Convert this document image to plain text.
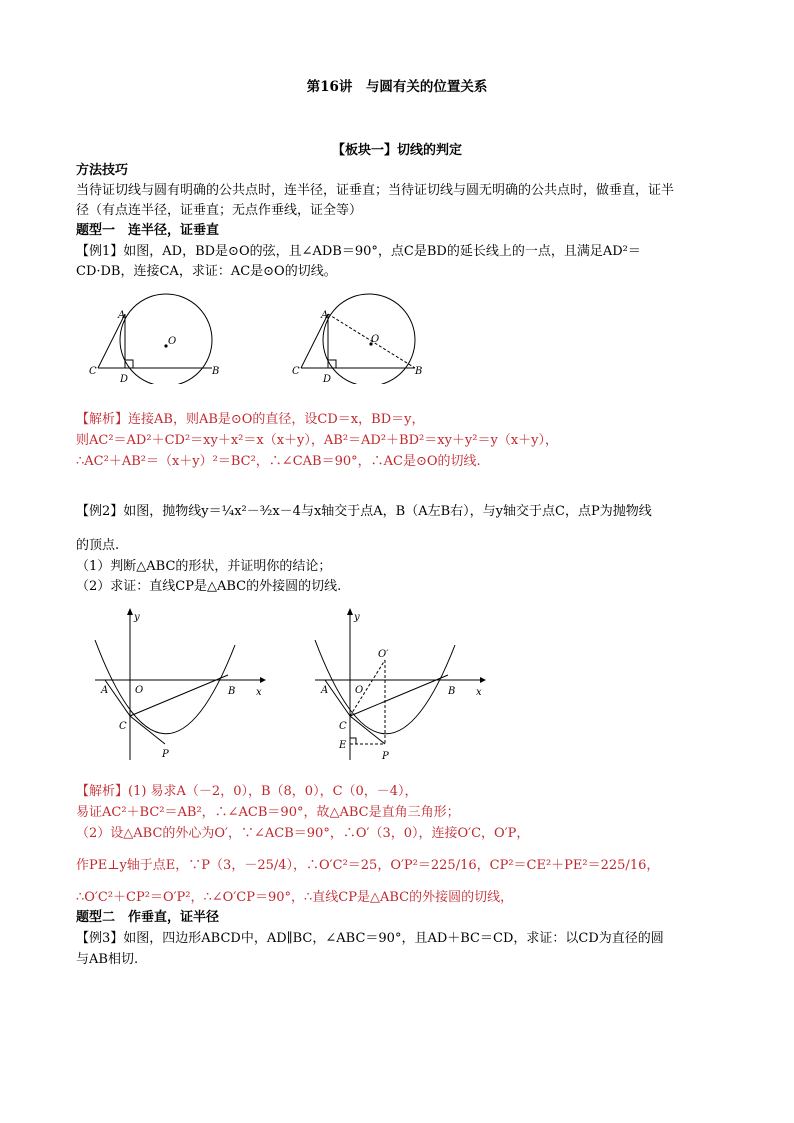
第16讲　与圆有关的位置关系
【板块一】切线的判定
方法技巧
当待证切线与圆有明确的公共点时，连半径，证垂直；当待证切线与圆无明确的公共点时，做垂直，证半
径（有点连半径，证垂直；无点作垂线，证全等）
题型一　连半径，证垂直
【例1】如图，AD，BD是⊙O的弦，且∠ADB＝90°，点C是BD的延长线上的一点，且满足AD²＝
CD·DB，连接CA，求证：AC是⊙O的切线。
O
A
C
D
B
O
A
C
D
B
【解析】连接AB，则AB是⊙O的直径，设CD＝x，BD＝y，
则AC²＝AD²＋CD²＝xy＋x²＝x（x＋y），AB²＝AD²＋BD²＝xy＋y²＝y（x＋y），
∴AC²＋AB²＝（x＋y）²＝BC²，∴∠CAB＝90°，∴AC是⊙O的切线.
【例2】如图，抛物线y＝¼x²－³⁄₂x－4与x轴交于点A，B（A左B右），与y轴交于点C，点P为抛物线
的顶点.
（1）判断△ABC的形状，并证明你的结论；
（2）求证：直线CP是△ABC的外接圆的切线.
y
x
A	O	B
C
P
y
x
A	O
O′
B
C
E
P
【解析】(1) 易求A（－2，0），B（8，0），C（0，－4），
易证AC²＋BC²＝AB²，∴∠ACB＝90°，故△ABC是直角三角形；
（2）设△ABC的外心为O′，∵∠ACB＝90°，∴O′（3，0），连接O′C，O′P，
作PE⊥y轴于点E，∵P（3，－25/4），∴O′C²＝25，O′P²＝225/16，CP²＝CE²＋PE²＝225/16，
∴O′C²＋CP²＝O′P²，∴∠O′CP＝90°，∴直线CP是△ABC的外接圆的切线，
题型二　作垂直，证半径
【例3】如图，四边形ABCD中，AD∥BC，∠ABC＝90°，且AD＋BC＝CD，求证：以CD为直径的圆
与AB相切.
